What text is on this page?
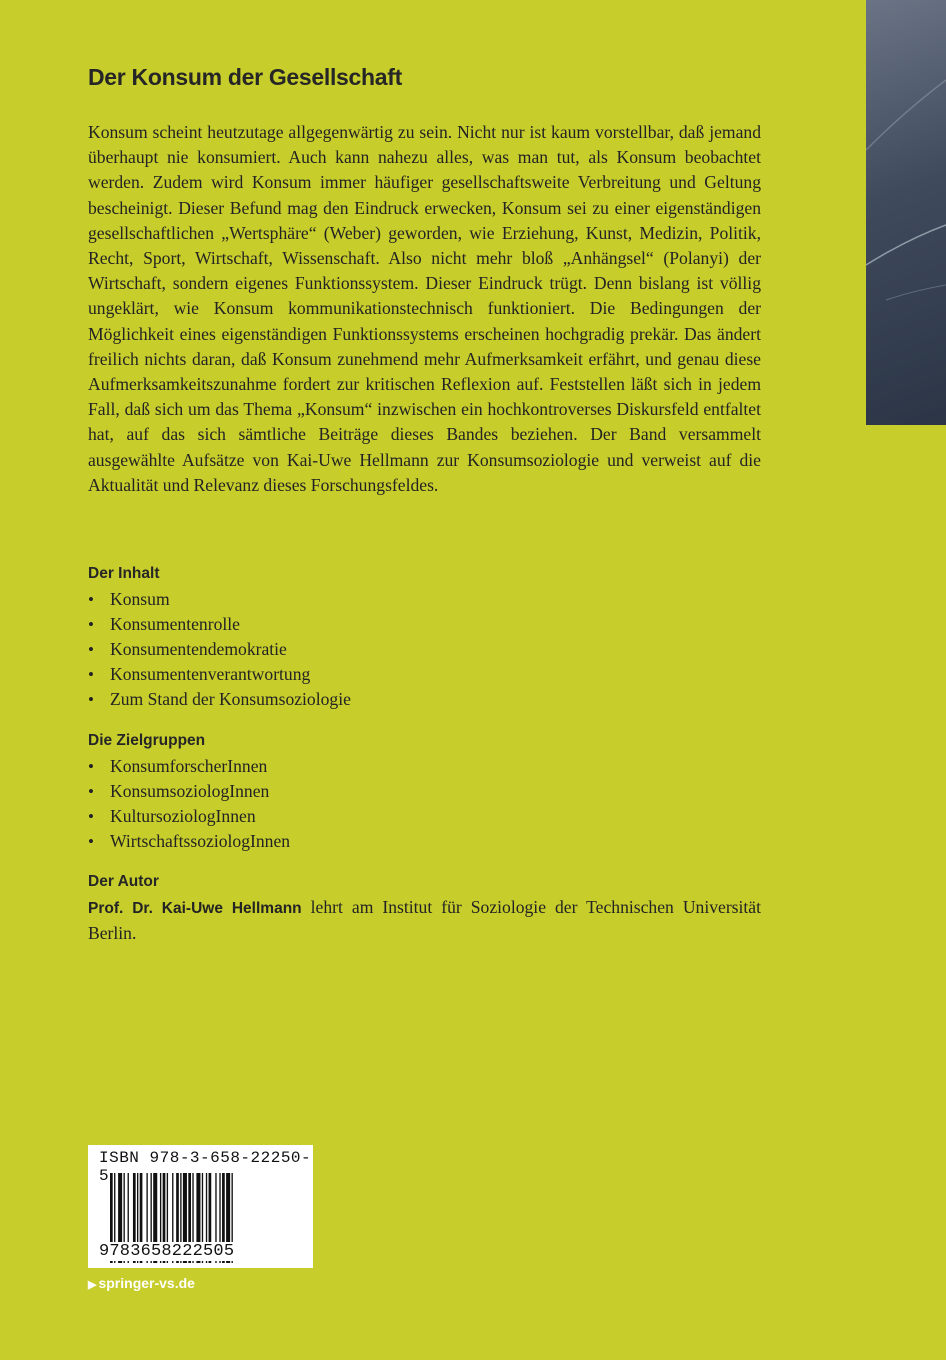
Der Konsum der Gesellschaft

Konsum scheint heutzutage allgegenwärtig zu sein. Nicht nur ist kaum vorstellbar, daß jemand überhaupt nie konsumiert. Auch kann nahezu alles, was man tut, als Konsum beobachtet werden. Zudem wird Konsum immer häufiger gesellschaftsweite Verbreitung und Geltung bescheinigt. Dieser Befund mag den Eindruck erwecken, Konsum sei zu einer eigenständigen gesellschaftlichen „Wertsphäre“ (Weber) geworden, wie Erziehung, Kunst, Medizin, Politik, Recht, Sport, Wirtschaft, Wissenschaft. Also nicht mehr bloß „Anhängsel“ (Polanyi) der Wirtschaft, sondern eigenes Funktionssystem. Dieser Eindruck trügt. Denn bislang ist völlig ungeklärt, wie Konsum kommunikationstechnisch funktioniert. Die Bedingungen der Möglichkeit eines eigenständigen Funktionssystems erscheinen hochgradig prekär. Das ändert freilich nichts daran, daß Konsum zunehmend mehr Aufmerksamkeit erfährt, und genau diese Aufmerksamkeitszunahme fordert zur kritischen Reflexion auf. Feststellen läßt sich in jedem Fall, daß sich um das Thema „Konsum“ inzwischen ein hochkontroverses Diskursfeld entfaltet hat, auf das sich sämtliche Beiträge dieses Bandes beziehen. Der Band versammelt ausgewählte Aufsätze von Kai-Uwe Hellmann zur Konsumsoziologie und verweist auf die Aktualität und Relevanz dieses Forschungsfeldes.

Der Inhalt
• Konsum
• Konsumentenrolle
• Konsumentendemokratie
• Konsumentenverantwortung
• Zum Stand der Konsumsoziologie
Die Zielgruppen
• KonsumforscherInnen
• KonsumsoziologInnen
• KultursoziologInnen
• WirtschaftssoziologInnen
Der Autor
Prof. Dr. Kai-Uwe Hellmann lehrt am Institut für Soziologie der Technischen Universität Berlin.
ISBN 978-3-658-22250-5
9783658222505
▶ springer-vs.de
